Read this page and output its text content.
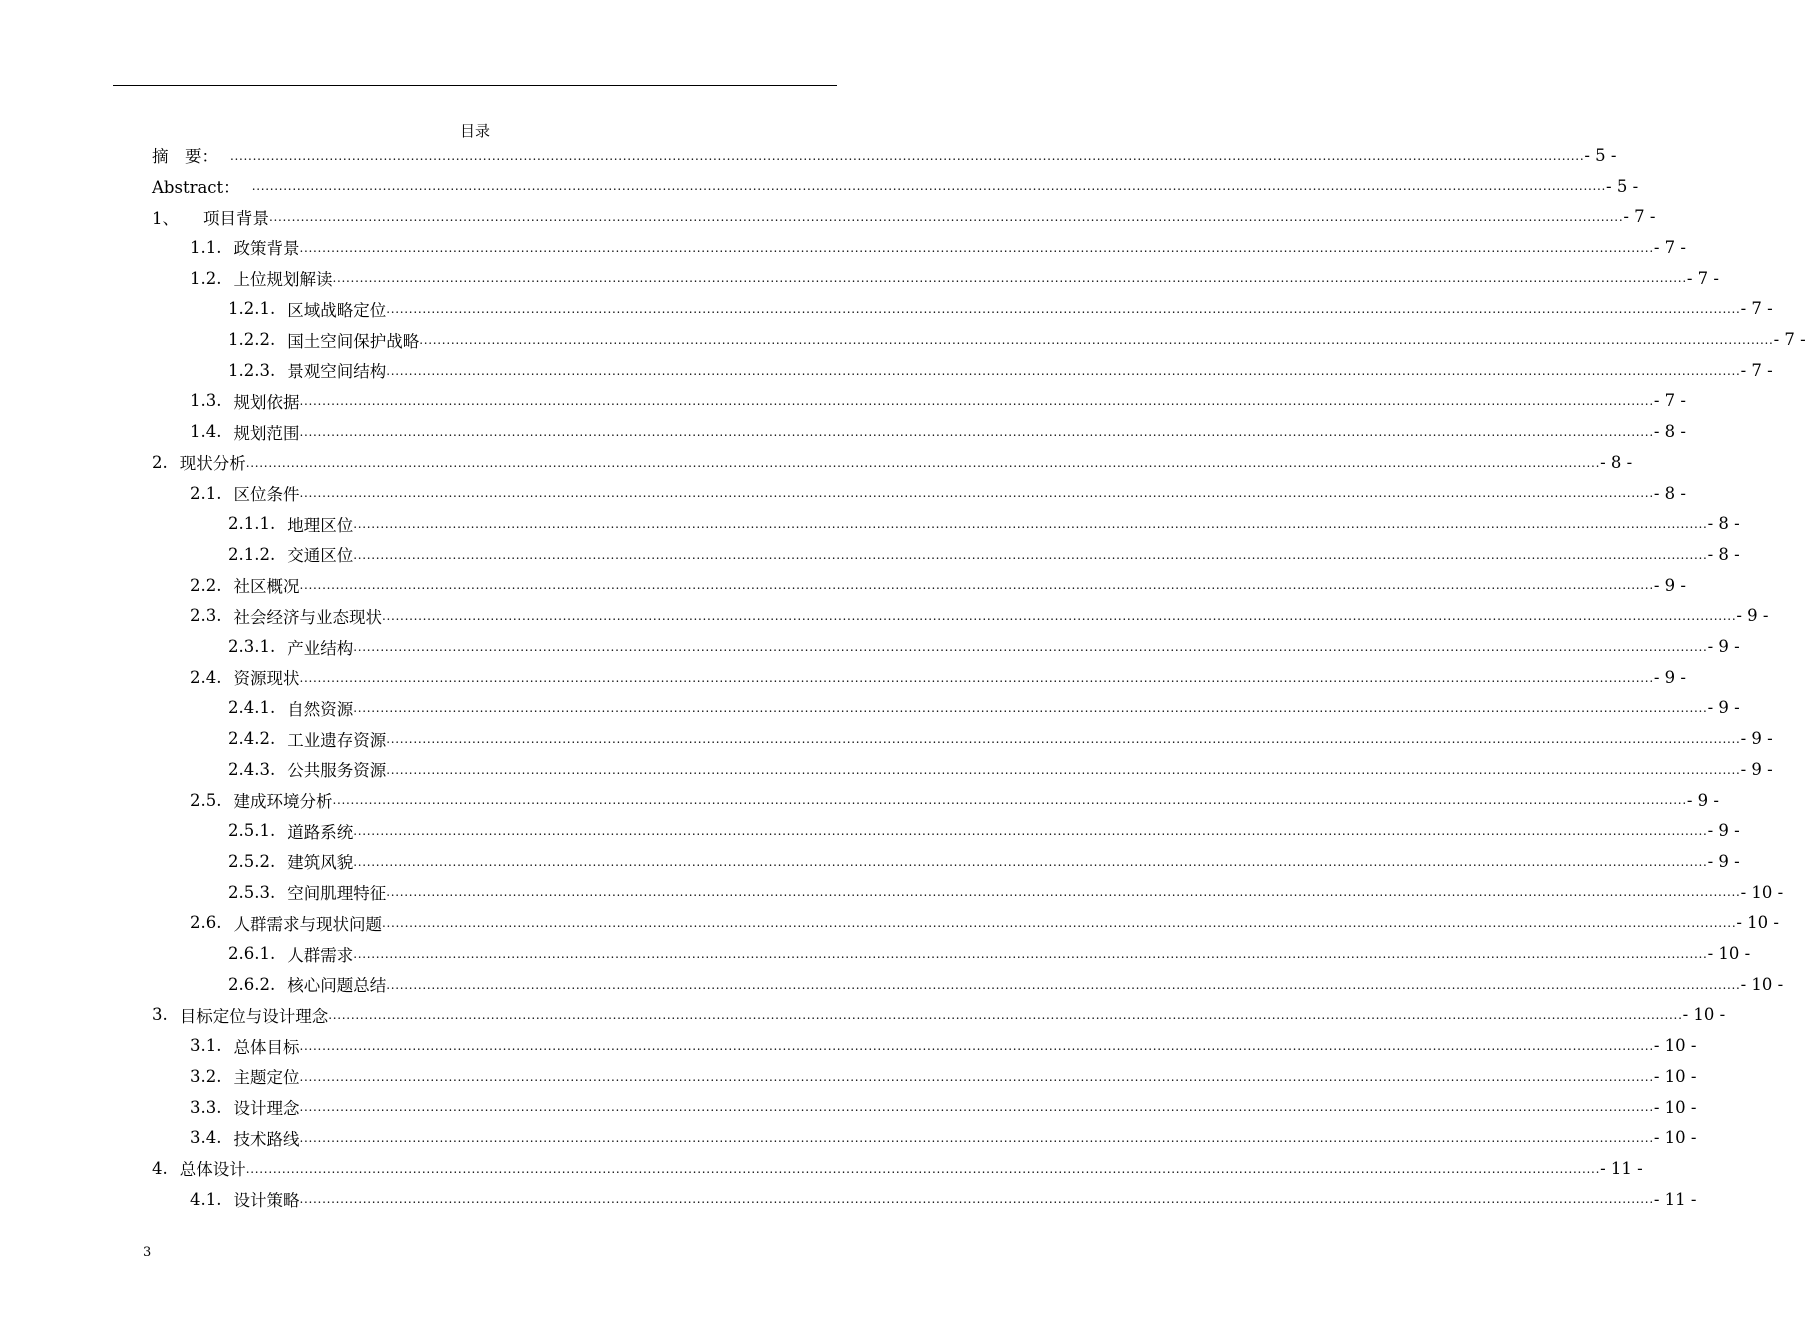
目录
摘　要： ............................................................................................................................................................................................................................................................................................................ - 5 -
Abstract： ............................................................................................................................................................................................................................................................................................................ - 5 -
1、 项目背景 ............................................................................................................................................................................................................................................................................................................ - 7 -
1.1. 政策背景 ............................................................................................................................................................................................................................................................................................................ - 7 -
1.2. 上位规划解读 ............................................................................................................................................................................................................................................................................................................ - 7 -
1.2.1. 区域战略定位 ............................................................................................................................................................................................................................................................................................................ - 7 -
1.2.2. 国土空间保护战略 ............................................................................................................................................................................................................................................................................................................ - 7 -
1.2.3. 景观空间结构 ............................................................................................................................................................................................................................................................................................................ - 7 -
1.3. 规划依据 ............................................................................................................................................................................................................................................................................................................ - 7 -
1.4. 规划范围 ............................................................................................................................................................................................................................................................................................................ - 8 -
2. 现状分析 ............................................................................................................................................................................................................................................................................................................ - 8 -
2.1. 区位条件 ............................................................................................................................................................................................................................................................................................................ - 8 -
2.1.1. 地理区位 ............................................................................................................................................................................................................................................................................................................ - 8 -
2.1.2. 交通区位 ............................................................................................................................................................................................................................................................................................................ - 8 -
2.2. 社区概况 ............................................................................................................................................................................................................................................................................................................ - 9 -
2.3. 社会经济与业态现状 ............................................................................................................................................................................................................................................................................................................ - 9 -
2.3.1. 产业结构 ............................................................................................................................................................................................................................................................................................................ - 9 -
2.4. 资源现状 ............................................................................................................................................................................................................................................................................................................ - 9 -
2.4.1. 自然资源 ............................................................................................................................................................................................................................................................................................................ - 9 -
2.4.2. 工业遗存资源 ............................................................................................................................................................................................................................................................................................................ - 9 -
2.4.3. 公共服务资源 ............................................................................................................................................................................................................................................................................................................ - 9 -
2.5. 建成环境分析 ............................................................................................................................................................................................................................................................................................................ - 9 -
2.5.1. 道路系统 ............................................................................................................................................................................................................................................................................................................ - 9 -
2.5.2. 建筑风貌 ............................................................................................................................................................................................................................................................................................................ - 9 -
2.5.3. 空间肌理特征 ............................................................................................................................................................................................................................................................................................................ - 10 -
2.6. 人群需求与现状问题 ............................................................................................................................................................................................................................................................................................................ - 10 -
2.6.1. 人群需求 ............................................................................................................................................................................................................................................................................................................ - 10 -
2.6.2. 核心问题总结 ............................................................................................................................................................................................................................................................................................................ - 10 -
3. 目标定位与设计理念 ............................................................................................................................................................................................................................................................................................................ - 10 -
3.1. 总体目标 ............................................................................................................................................................................................................................................................................................................ - 10 -
3.2. 主题定位 ............................................................................................................................................................................................................................................................................................................ - 10 -
3.3. 设计理念 ............................................................................................................................................................................................................................................................................................................ - 10 -
3.4. 技术路线 ............................................................................................................................................................................................................................................................................................................ - 10 -
4. 总体设计 ............................................................................................................................................................................................................................................................................................................ - 11 -
4.1. 设计策略 ............................................................................................................................................................................................................................................................................................................ - 11 -
3
